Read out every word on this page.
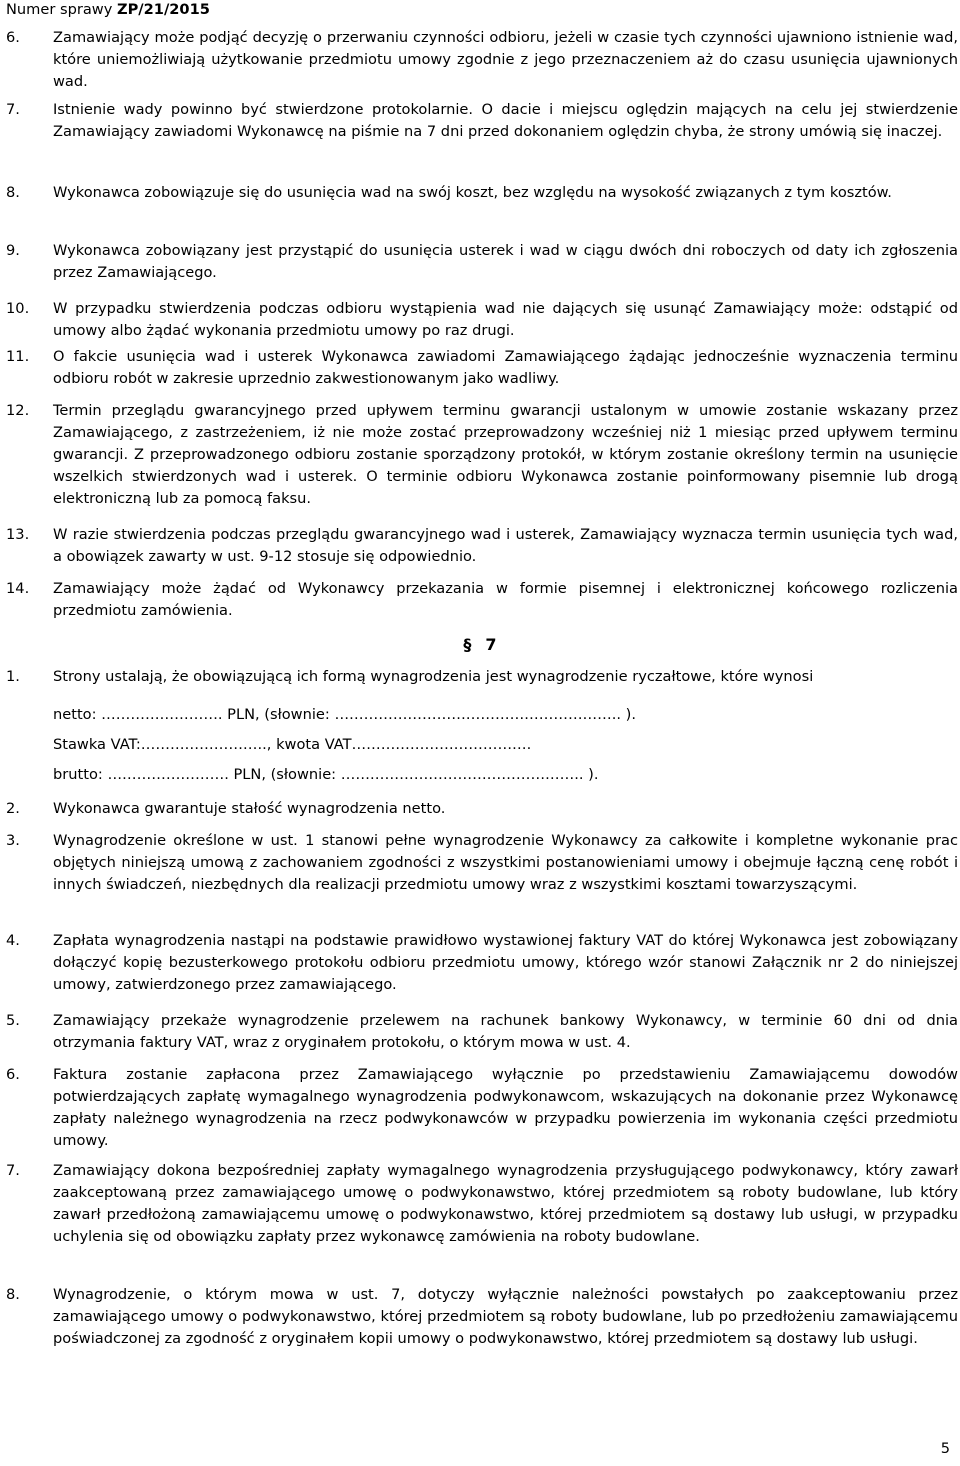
Numer sprawy ZP/21/2015
6. Zamawiający może podjąć decyzję o przerwaniu czynności odbioru, jeżeli w czasie tych czynności ujawniono istnienie wad, które uniemożliwiają użytkowanie przedmiotu umowy zgodnie z jego przeznaczeniem aż do czasu usunięcia ujawnionych wad.
7. Istnienie wady powinno być stwierdzone protokolarnie. O dacie i miejscu oględzin mających na celu jej stwierdzenie Zamawiający zawiadomi Wykonawcę na piśmie na 7 dni przed dokonaniem oględzin chyba, że strony umówią się inaczej.
8. Wykonawca zobowiązuje się do usunięcia wad na swój koszt, bez względu na wysokość związanych z tym kosztów.
9. Wykonawca zobowiązany jest przystąpić do usunięcia usterek i wad w ciągu dwóch dni roboczych od daty ich zgłoszenia przez Zamawiającego.
10. W przypadku stwierdzenia podczas odbioru wystąpienia wad nie dających się usunąć Zamawiający może: odstąpić od umowy albo żądać wykonania przedmiotu umowy po raz drugi.
11. O fakcie usunięcia wad i usterek Wykonawca zawiadomi Zamawiającego żądając jednocześnie wyznaczenia terminu odbioru robót w zakresie uprzednio zakwestionowanym jako wadliwy.
12. Termin przeglądu gwarancyjnego przed upływem terminu gwarancji ustalonym w umowie zostanie wskazany przez Zamawiającego, z zastrzeżeniem, iż nie może zostać przeprowadzony wcześniej niż 1 miesiąc przed upływem terminu gwarancji. Z przeprowadzonego odbioru zostanie sporządzony protokół, w którym zostanie określony termin na usunięcie wszelkich stwierdzonych wad i usterek. O terminie odbioru Wykonawca zostanie poinformowany pisemnie lub drogą elektroniczną lub za pomocą faksu.
13. W razie stwierdzenia podczas przeglądu gwarancyjnego wad i usterek, Zamawiający wyznacza termin usunięcia tych wad, a obowiązek zawarty w ust. 9-12 stosuje się odpowiednio.
14. Zamawiający może żądać od Wykonawcy przekazania w formie pisemnej i elektronicznej końcowego rozliczenia przedmiotu zamówienia.
§ 7
1. Strony ustalają, że obowiązującą ich formą wynagrodzenia jest wynagrodzenie ryczałtowe, które wynosi
netto: ……………………. PLN, (słownie: ………………………………………………….. ).
Stawka VAT:…………………….., kwota VAT……………………………….
brutto: ……………………. PLN, (słownie: ………………………………………….. ).
2. Wykonawca gwarantuje stałość wynagrodzenia netto.
3. Wynagrodzenie określone w ust. 1 stanowi pełne wynagrodzenie Wykonawcy za całkowite i kompletne wykonanie prac objętych niniejszą umową z zachowaniem zgodności z wszystkimi postanowieniami umowy i obejmuje łączną cenę robót i innych świadczeń, niezbędnych dla realizacji przedmiotu umowy wraz z wszystkimi kosztami towarzyszącymi.
4. Zapłata wynagrodzenia nastąpi na podstawie prawidłowo wystawionej faktury VAT do której Wykonawca jest zobowiązany dołączyć kopię bezusterkowego protokołu odbioru przedmiotu umowy, którego wzór stanowi Załącznik nr 2 do niniejszej umowy, zatwierdzonego przez zamawiającego.
5. Zamawiający przekaże wynagrodzenie przelewem na rachunek bankowy Wykonawcy, w terminie 60 dni od dnia otrzymania faktury VAT, wraz z oryginałem protokołu, o którym mowa w ust. 4.
6. Faktura zostanie zapłacona przez Zamawiającego wyłącznie po przedstawieniu Zamawiającemu dowodów potwierdzających zapłatę wymagalnego wynagrodzenia podwykonawcom, wskazujących na dokonanie przez Wykonawcę zapłaty należnego wynagrodzenia na rzecz podwykonawców w przypadku powierzenia im wykonania części przedmiotu umowy.
7. Zamawiający dokona bezpośredniej zapłaty wymagalnego wynagrodzenia przysługującego podwykonawcy, który zawarł zaakceptowaną przez zamawiającego umowę o podwykonawstwo, której przedmiotem są roboty budowlane, lub który zawarł przedłożoną zamawiającemu umowę o podwykonawstwo, której przedmiotem są dostawy lub usługi, w przypadku uchylenia się od obowiązku zapłaty przez wykonawcę zamówienia na roboty budowlane.
8. Wynagrodzenie, o którym mowa w ust. 7, dotyczy wyłącznie należności powstałych po zaakceptowaniu przez zamawiającego umowy o podwykonawstwo, której przedmiotem są roboty budowlane, lub po przedłożeniu zamawiającemu poświadczonej za zgodność z oryginałem kopii umowy o podwykonawstwo, której przedmiotem są dostawy lub usługi.
5
